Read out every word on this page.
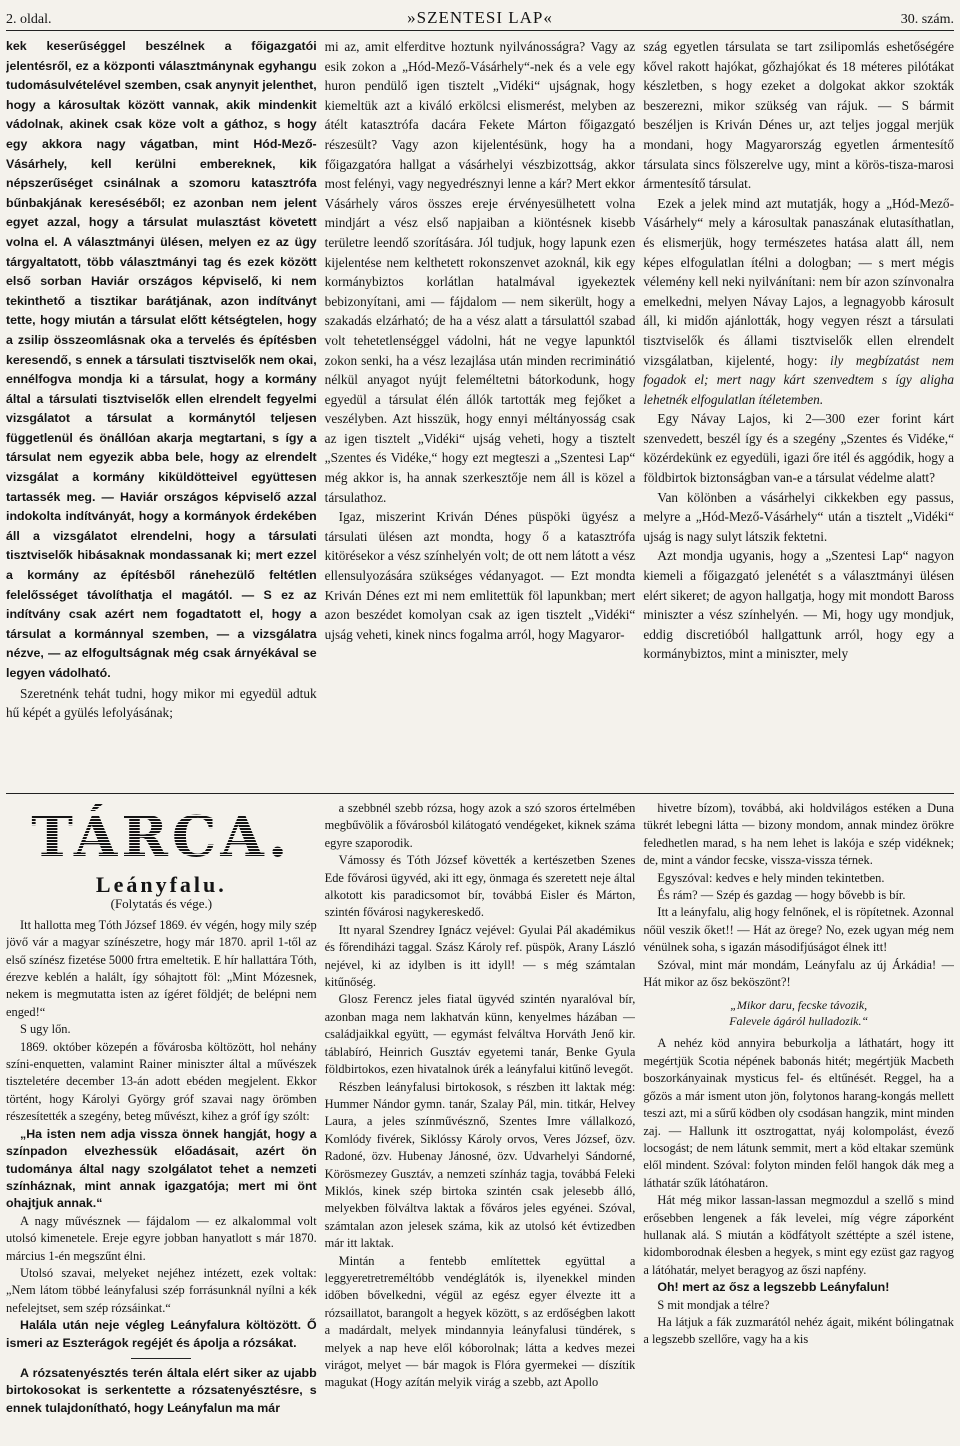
2. oldal.	»SZENTESI LAP«	30. szám.

kek keserűséggel beszélnek a főigazgatói jelentésről, ez a központi választmánynak egyhangu tudomásulvételével szemben, csak anynyit jelenthet, hogy a károsultak között vannak, akik mindenkit vádolnak, akinek csak köze volt a gáthoz, s hogy egy akkora nagy vágatban, mint Hód-Mező-Vásárhely, kell kerülni embereknek, kik népszerűséget csinálnak a szomoru katasztrófa bűnbakjának kereséséből; ez azonban nem jelent egyet azzal, hogy a társulat mulasztást követett volna el. A választmányi ülésen, melyen ez az ügy tárgyaltatott, több választmányi tag és ezek között első sorban Haviár országos képviselő, ki nem tekinthető a tisztikar barátjának, azon indítványt tette, hogy miután a társulat előtt kétségtelen, hogy a zsilip összeomlásnak oka a tervelés és építésben keresendő, s ennek a társulati tisztviselők nem okai, ennélfogva mondja ki a társulat, hogy a kormány által a társulati tisztviselők ellen elrendelt fegyelmi vizsgálatot a társulat a kormánytól teljesen függetlenül és önállóan akarja megtartani, s így a társulat nem egyezik abba bele, hogy az elrendelt vizsgálat a kormány kiküldötteivel együttesen tartassék meg. — Haviár országos képviselő azzal indokolta indítványát, hogy a kormányok érdekében áll a vizsgálatot elrendelni, hogy a társulati tisztviselők hibásaknak mondassanak ki; mert ezzel a kormány az építésből ránehezülő feltétlen felelősséget távolíthatja el magától. — S ez az indítvány csak azért nem fogadtatott el, hogy a társulat a kormánnyal szemben, — a vizsgálatra nézve, — az elfogultságnak még csak árnyékával se legyen vádolható.

Szeretnénk tehát tudni, hogy mikor mi egyedül adtuk hű képét a gyülés lefolyásának;

mi az, amit elferditve hoztunk nyilvánosságra? Vagy az esik zokon a „Hód-Mező-Vásárhely“-nek és a vele egy huron pendülő igen tisztelt „Vidéki“ ujságnak, hogy kiemeltük azt a kiváló erkölcsi elismerést, melyben az átélt katasztrófa dacára Fekete Márton főigazgató részesült? Vagy azon kijelentésünk, hogy ha a főigazgatóra hallgat a vásárhelyi vészbizottság, akkor most felényi, vagy negyedrésznyi lenne a kár? Mert ekkor Vásárhely város összes ereje érvényesülhetett volna mindjárt a vész első napjaiban a kiöntésnek kisebb területre leendő szorítására. Jól tudjuk, hogy lapunk ezen kijelentése nem kelthetett rokonszenvet azoknál, kik egy kormánybiztos korlátlan hatalmával igyekeztek bebizonyítani, ami — fájdalom — nem sikerült, hogy a szakadás elzárható; de ha a vész alatt a társulattól szabad volt tehetetlenséggel vádolni, hát ne vegye lapunktól zokon senki, ha a vész lezajlása után minden recriminátió nélkül anyagot nyújt feleméltetni bátorkodunk, hogy egyedül a társulat élén állók tartották meg fejőket a veszélyben. Azt hisszük, hogy ennyi méltányosság csak az igen tisztelt „Vidéki“ ujság veheti, hogy a tisztelt „Szentes és Vidéke,“ hogy ezt megteszi a „Szentesi Lap“ még akkor is, ha annak szerkesztője nem áll is közel a társulathoz.

Igaz, miszerint Kriván Dénes püspöki ügyész a társulati ülésen azt mondta, hogy ő a katasztrófa kitörésekor a vész színhelyén volt; de ott nem látott a vész ellensulyozására szükséges védanyagot. — Ezt mondta Kriván Dénes ezt mi nem emlitettük föl lapunkban; mert azon beszédet komolyan csak az igen tisztelt „Vidéki“ ujság veheti, kinek nincs fogalma arról, hogy Magyaror-

szág egyetlen társulata se tart zsilipomlás eshetőségére kővel rakott hajókat, gőzhajókat és 18 méteres pilótákat készletben, s hogy ezeket a dolgokat akkor szokták beszerezni, mikor szükség van rájuk. — S bármit beszéljen is Kriván Dénes ur, azt teljes joggal merjük mondani, hogy Magyarország egyetlen ármentesítő társulata sincs fölszerelve ugy, mint a körös-tisza-marosi ármentesítő társulat.

Ezek a jelek mind azt mutatják, hogy a „Hód-Mező-Vásárhely“ mely a károsultak panaszának elutasíthatlan, és elismerjük, hogy természetes hatása alatt áll, nem képes elfogulatlan ítélni a dologban; — s mert mégis vélemény kell neki nyilvánítani: nem bír azon színvonalra emelkedni, melyen Návay Lajos, a legnagyobb károsult áll, ki midőn ajánlották, hogy vegyen részt a társulati tisztviselők és állami tisztviselők ellen elrendelt vizsgálatban, kijelenté, hogy: ily megbízatást nem fogadok el; mert nagy kárt szenvedtem s így aligha lehetnék elfogulatlan ítéletemben.

Egy Návay Lajos, ki 2—300 ezer forint kárt szenvedett, beszél így és a szegény „Szentes és Vidéke,“ közérdekünk ez egyedüli, igazi őre itél és aggódik, hogy a földbirtok biztonságban van-e a társulat védelme alatt?

Van kölönben a vásárhelyi cikkekben egy passus, melyre a „Hód-Mező-Vásárhely“ után a tisztelt „Vidéki“ ujság is nagy sulyt látszik fektetni.

Azt mondja ugyanis, hogy a „Szentesi Lap“ nagyon kiemeli a főigazgató jelenétét s a választmányi ülésen elért sikeret; de agyon hallgatja, hogy mit mondott Baross miniszter a vész színhelyén. — Mi, hogy ugy mondjuk, eddig discretióból hallgattunk arról, hogy egy a kormánybiztos, mint a miniszter, mely

TÁRCA.
Leányfalu.
(Folytatás és vége.)

Itt hallotta meg Tóth József 1869. év végén, hogy mily szép jövő vár a magyar színészetre, hogy már 1870. april 1-től az első színész fizetése 5000 frtra emeltetik. E hír hallattára Tóth, érezve keblén a halált, így sóhajtott föl: „Mint Mózesnek, nekem is megmutatta isten az ígéret földjét; de belépni nem enged!“

S ugy lőn.

1869. október közepén a fővárosba költözött, hol nehány színi-enquetten, valamint Rainer miniszter által a művészek tiszteletére december 13-án adott ebéden megjelent. Ekkor történt, hogy Károlyi György gróf szavai nagy örömben részesítették a szegény, beteg művészt, kihez a gróf így szólt:

„Ha isten nem adja vissza önnek hangját, hogy a színpadon elvezhessük előadásait, azért ön tudománya által nagy szolgálatot tehet a nemzeti színháznak, mint annak igazgatója; mert mi önt ohajtjuk annak.“

A nagy művésznek — fájdalom — ez alkalommal volt utolsó kimenetele. Ereje egyre jobban hanyatlott s már 1870. március 1-én megszűnt élni.

Utolsó szavai, melyeket nejéhez intézett, ezek voltak: „Nem látom többé leányfalusi szép forrásunknál nyílni a kék nefelejtset, sem szép rózsáinkat.“

Halála után neje végleg Leányfalura költözött. Ő ismeri az Eszterágok regéjét és ápolja a rózsákat.

A rózsatenyésztés terén általa elért siker az ujabb birtokosokat is serkentette a rózsatenyésztésre, s ennek tulajdonítható, hogy Leányfalun ma már

a szebbnél szebb rózsa, hogy azok a szó szoros értelmében megbűvölik a fővárosból kilátogató vendégeket, kiknek száma egyre szaporodik.

Vámossy és Tóth József követték a kertészetben Szenes Ede fővárosi ügyvéd, aki itt egy, önmaga és szeretett neje által alkotott kis paradicsomot bír, továbbá Eisler és Márton, szintén fővárosi nagykereskedő.

Itt nyaral Szendrey Ignácz vejével: Gyulai Pál akadémikus és főrendiházi taggal. Szász Károly ref. püspök, Arany László nejével, ki az idylben is itt idyll! — s még számtalan kitűnőség.

Glosz Ferencz jeles fiatal ügyvéd szintén nyaralóval bír, azonban maga nem lakhatván künn, kenyelmes házában — családjaikkal együtt, — egymást felváltva Horváth Jenő kir. táblabíró, Heinrich Gusztáv egyetemi tanár, Benke Gyula földbirtokos, ezen hivatalnok úrék a leányfalui kitűnő levegőt.

Részben leányfalusi birtokosok, s részben itt laktak még: Hummer Nándor gymn. tanár, Szalay Pál, min. titkár, Helvey Laura, a jeles színművésznő, Szentes Imre vállalkozó, Komlódy fivérek, Siklóssy Károly orvos, Veres József, özv. Radoné, özv. Hubenay Jánosné, özv. Udvarhelyi Sándorné, Körösmezey Gusztáv, a nemzeti színház tagja, továbbá Feleki Miklós, kinek szép birtoka szintén csak jelesebb álló, melyekben fölváltva laktak a főváros jeles egyénei. Szóval, számtalan azon jelesek száma, kik az utolsó két évtizedben már itt laktak.

Mintán a fentebb említettek együttal a leggyeretretreméltóbb vendéglátók is, ilyenekkel minden időben bővelkedni, végül az egész egyer élvezte itt a rózsaillatot, barangolt a hegyek között, s az erdőségben lakott a madárdalt, melyek mindannyia leányfalusi tündérek, s melyek a nap heve elől kóborolnak; látta a kedves mezei virágot, melyet — bár magok is Flóra gyermekei — díszítik magukat (Hogy azítán melyik virág a szebb, azt Apollo

hivetre bízom), továbbá, aki holdvilágos estéken a Duna tükrét lebegni látta — bizony mondom, annak mindez örökre feledhetlen marad, s ha nem lehet is lakója e szép vidéknek; de, mint a vándor fecske, vissza-vissza térnek.

Egyszóval: kedves e hely minden tekintetben.

És rám? — Szép és gazdag — hogy bővebb is bír.

Itt a leányfalu, alig hogy felnőnek, el is röpítetnek. Azonnal nőül veszik őket!! — Hát az örege? No, ezek ugyan még nem vénülnek soha, s igazán másodifjúságot élnek itt!

Szóval, mint már mondám, Leányfalu az új Árkádia! — Hát mikor az ősz beköszönt?!

„Mikor daru, fecske távozik,
Falevele ágáról hulladozik.“

A nehéz köd annyira beburkolja a láthatárt, hogy itt megértjük Scotia népének babonás hitét; megértjük Macbeth boszorkányainak mysticus fel- és eltűnését. Reggel, ha a gőzös a már isment uton jön, folytonos harang-kongás mellett teszi azt, mi a sűrű ködben oly csodásan hangzik, mint minden zaj. — Hallunk itt osztrogattat, nyáj kolompolást, évező locsogást; de nem látunk semmit, mert a köd eltakar szemünk elől mindent. Szóval: folyton minden felől hangok dák meg a láthatár szűk látóhatáron.

Hát még mikor lassan-lassan megmozdul a szellő s mind erősebben lengenek a fák levelei, míg végre záporként hullanak alá. S miután a ködfátyolt széttépte a szél istene, kidomborodnak élesben a hegyek, s mint egy ezüst gaz ragyog a látóhatár, melyet beragyog az őszi napfény.

Oh! mert az ősz a legszebb Leányfalun!

S mit mondjak a télre?

Ha látjuk a fák zuzmarától nehéz ágait, miként bólingatnak a legszebb szellőre, vagy ha a kis
